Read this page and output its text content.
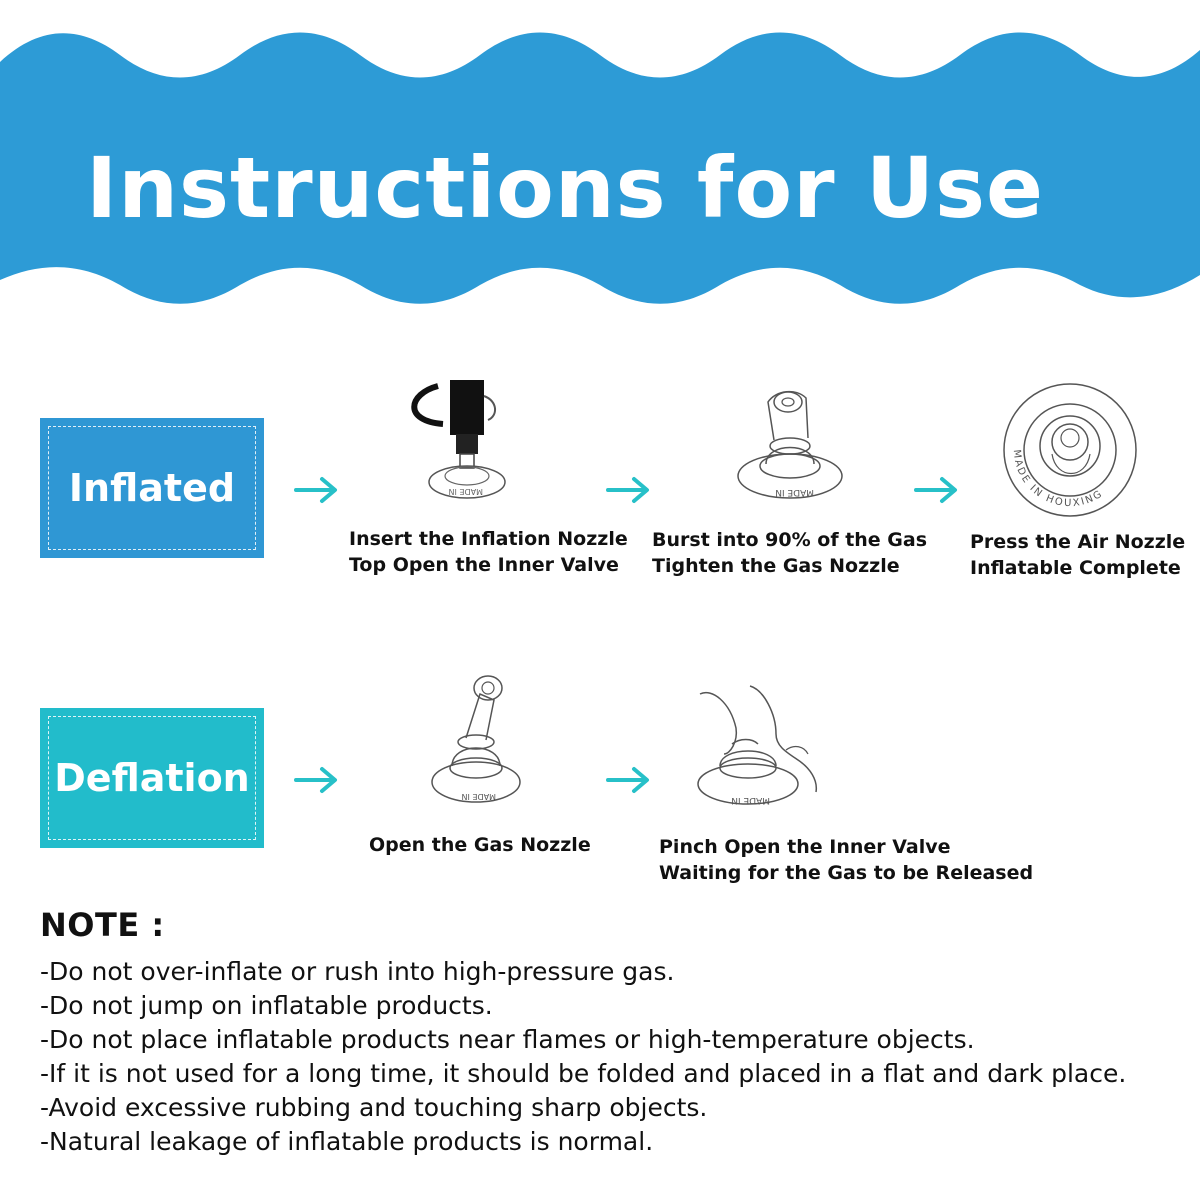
Instructions for Use
Inflated	MADE IN
Insert the Inflation Nozzle
Top Open the Inner Valve
MADE IN
Burst into 90% of the Gas
Tighten the Gas Nozzle
MADE IN HOUXING
Press the Air Nozzle
Inflatable Complete
Deflation	MADE IN
Open the Gas Nozzle
MADE IN
Pinch Open the Inner Valve
Waiting for the Gas to be Released
NOTE :
-Do not over-inflate or rush into high-pressure gas.
-Do not jump on inflatable products.
-Do not place inflatable products near flames or high-temperature objects.
-If it is not used for a long time, it should be folded and placed in a flat and dark place.
-Avoid excessive rubbing and touching sharp objects.
-Natural leakage of inflatable products is normal.
